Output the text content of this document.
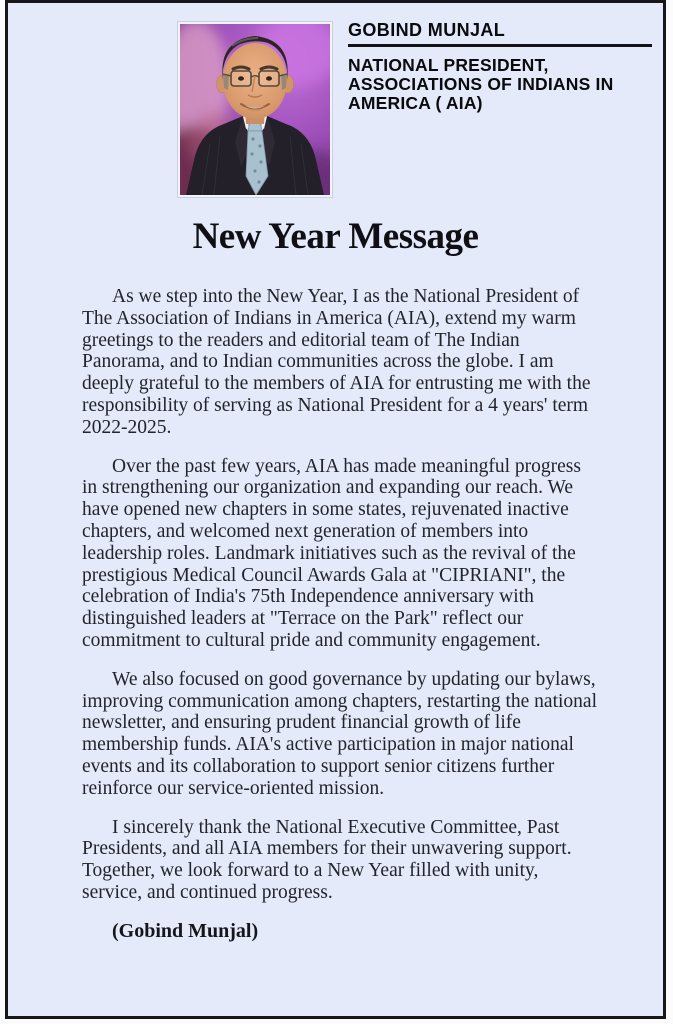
GOBIND MUNJAL
NATIONAL PRESIDENT,
ASSOCIATIONS OF INDIANS IN
AMERICA ( AIA)
New Year Message

As we step into the New Year, I as the National President of The Association of Indians in America (AIA), extend my warm greetings to the readers and editorial team of The Indian Panorama, and to Indian communities across the globe. I am deeply grateful to the members of AIA for entrusting me with the responsibility of serving as National President for a 4 years' term 2022-2025.

Over the past few years, AIA has made meaningful progress in strengthening our organization and expanding our reach. We have opened new chapters in some states, rejuvenated inactive chapters, and welcomed next generation of members into leadership roles. Landmark initiatives such as the revival of the prestigious Medical Council Awards Gala at "CIPRIANI", the celebration of India's 75th Independence anniversary with distinguished leaders at "Terrace on the Park" reflect our commitment to cultural pride and community engagement.

We also focused on good governance by updating our bylaws, improving communication among chapters, restarting the national newsletter, and ensuring prudent financial growth of life membership funds. AIA's active participation in major national events and its collaboration to support senior citizens further reinforce our service-oriented mission.

I sincerely thank the National Executive Committee, Past Presidents, and all AIA members for their unwavering support. Together, we look forward to a New Year filled with unity, service, and continued progress.

(Gobind Munjal)
